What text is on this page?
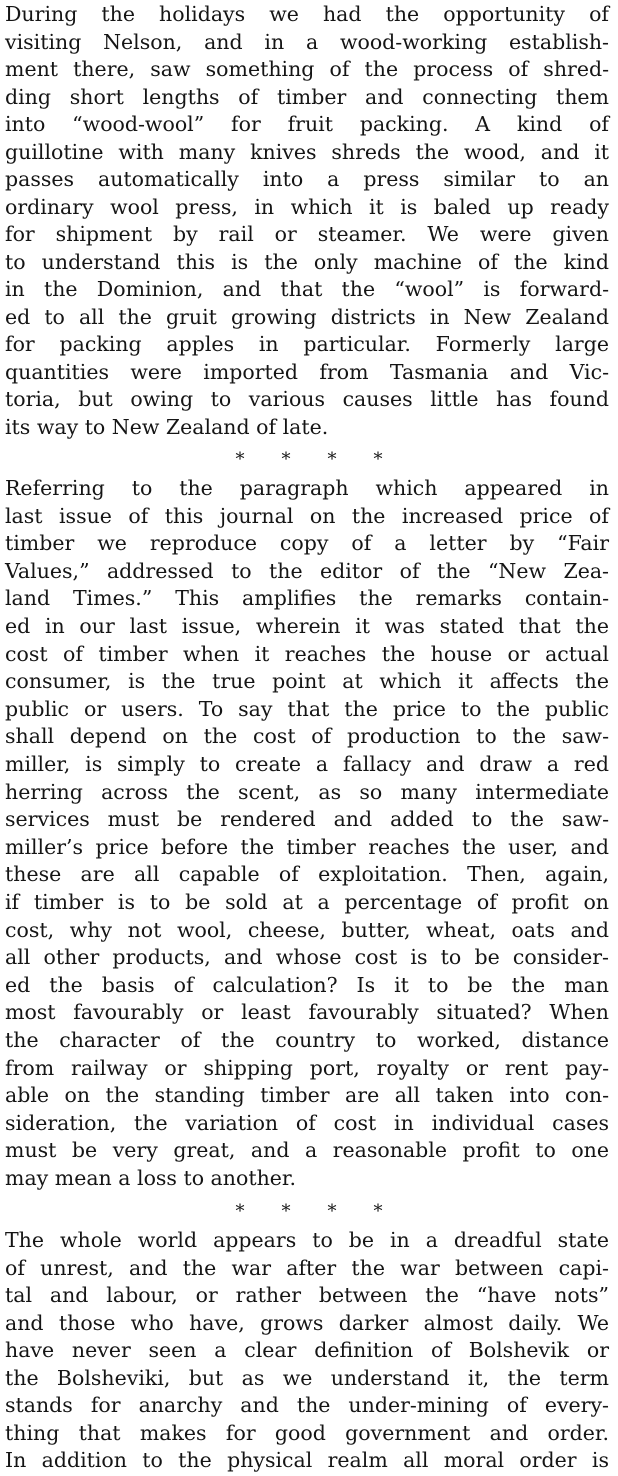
During the holidays we had the opportunity of
visiting Nelson, and in a wood-working establish-
ment there, saw something of the process of shred-
ding short lengths of timber and connecting them
into “wood-wool” for fruit packing. A kind of
guillotine with many knives shreds the wood, and it
passes automatically into a press similar to an
ordinary wool press, in which it is baled up ready
for shipment by rail or steamer. We were given
to understand this is the only machine of the kind
in the Dominion, and that the “wool” is forward-
ed to all the gruit growing districts in New Zealand
for packing apples in particular. Formerly large
quantities were imported from Tasmania and Vic-
toria, but owing to various causes little has found
its way to New Zealand of late.
* * * *
Referring to the paragraph which appeared in
last issue of this journal on the increased price of
timber we reproduce copy of a letter by “Fair
Values,” addressed to the editor of the “New Zea-
land Times.” This amplifies the remarks contain-
ed in our last issue, wherein it was stated that the
cost of timber when it reaches the house or actual
consumer, is the true point at which it affects the
public or users. To say that the price to the public
shall depend on the cost of production to the saw-
miller, is simply to create a fallacy and draw a red
herring across the scent, as so many intermediate
services must be rendered and added to the saw-
miller’s price before the timber reaches the user, and
these are all capable of exploitation. Then, again,
if timber is to be sold at a percentage of profit on
cost, why not wool, cheese, butter, wheat, oats and
all other products, and whose cost is to be consider-
ed the basis of calculation? Is it to be the man
most favourably or least favourably situated? When
the character of the country to worked, distance
from railway or shipping port, royalty or rent pay-
able on the standing timber are all taken into con-
sideration, the variation of cost in individual cases
must be very great, and a reasonable profit to one
may mean a loss to another.
* * * *
The whole world appears to be in a dreadful state
of unrest, and the war after the war between capi-
tal and labour, or rather between the “have nots”
and those who have, grows darker almost daily. We
have never seen a clear definition of Bolshevik or
the Bolsheviki, but as we understand it, the term
stands for anarchy and the under-mining of every-
thing that makes for good government and order.
In addition to the physical realm all moral order is
